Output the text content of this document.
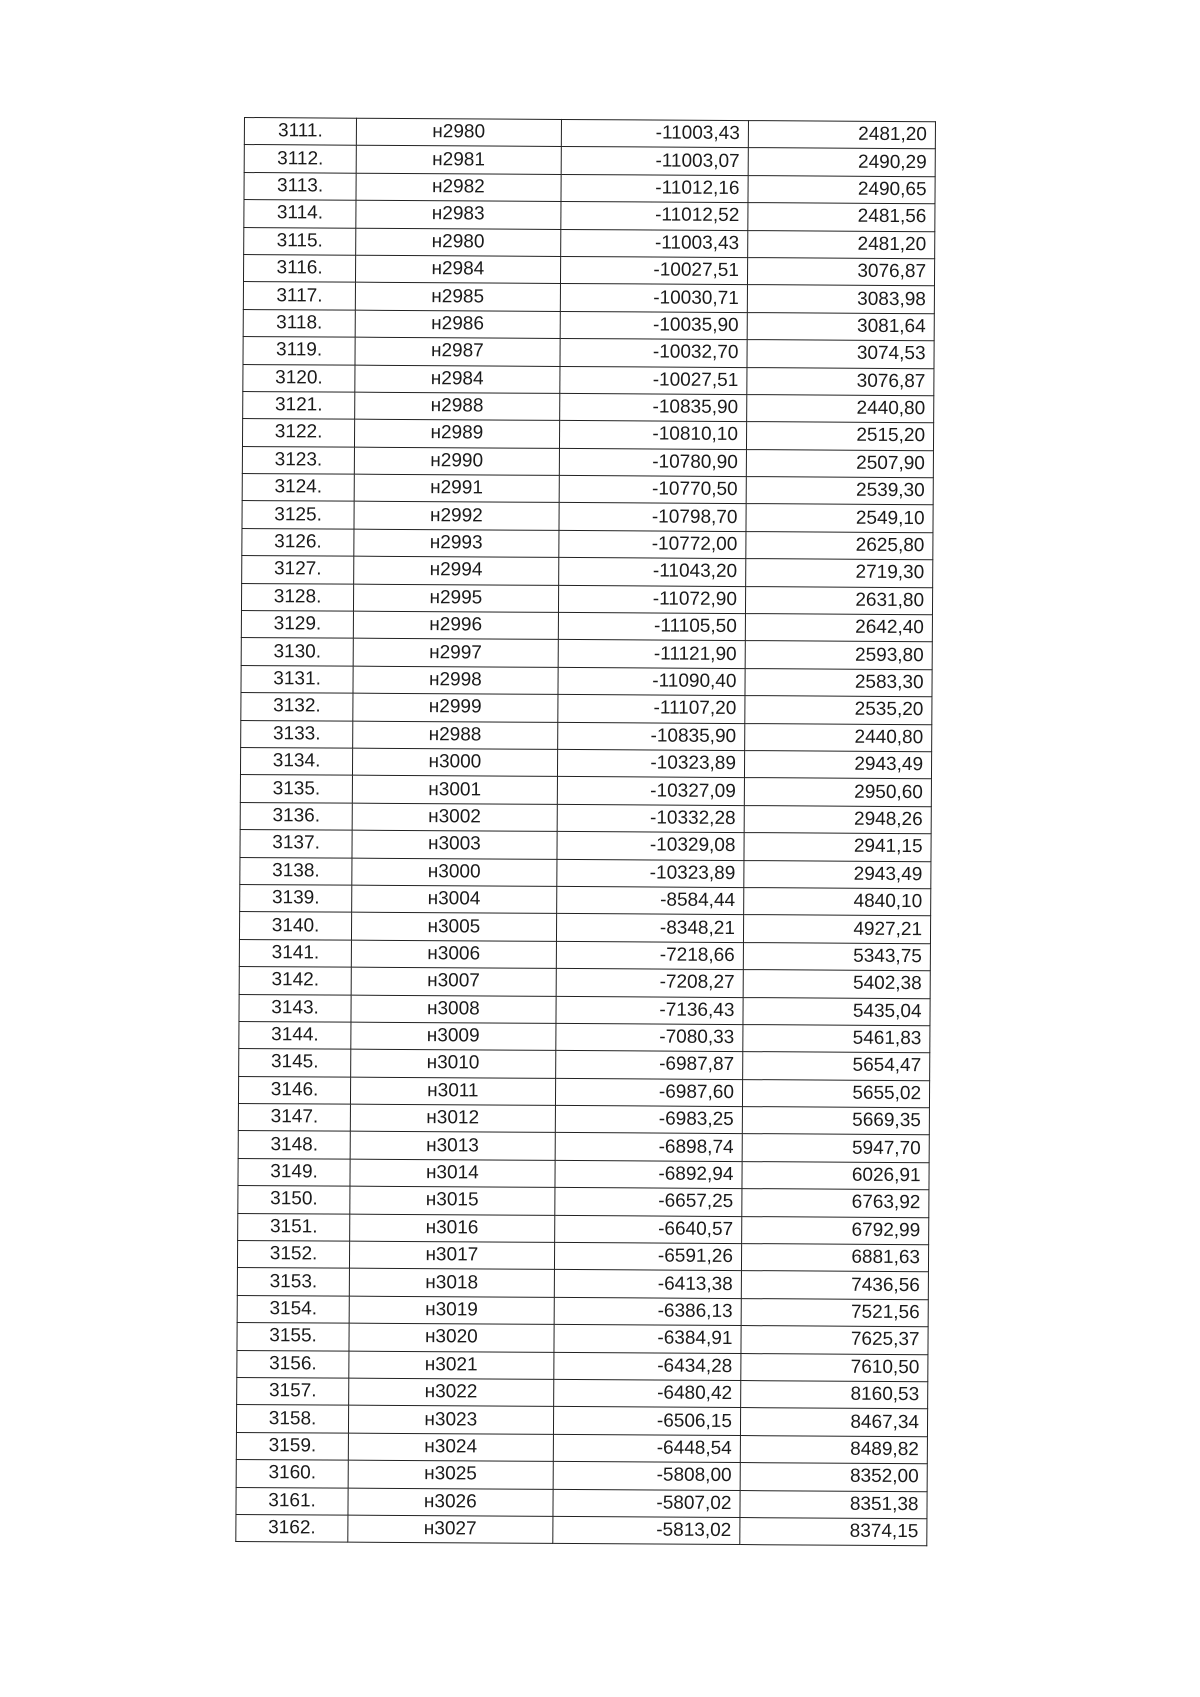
3111.	н2980	-11003,43	2481,20
3112.	н2981	-11003,07	2490,29
3113.	н2982	-11012,16	2490,65
3114.	н2983	-11012,52	2481,56
3115.	н2980	-11003,43	2481,20
3116.	н2984	-10027,51	3076,87
3117.	н2985	-10030,71	3083,98
3118.	н2986	-10035,90	3081,64
3119.	н2987	-10032,70	3074,53
3120.	н2984	-10027,51	3076,87
3121.	н2988	-10835,90	2440,80
3122.	н2989	-10810,10	2515,20
3123.	н2990	-10780,90	2507,90
3124.	н2991	-10770,50	2539,30
3125.	н2992	-10798,70	2549,10
3126.	н2993	-10772,00	2625,80
3127.	н2994	-11043,20	2719,30
3128.	н2995	-11072,90	2631,80
3129.	н2996	-11105,50	2642,40
3130.	н2997	-11121,90	2593,80
3131.	н2998	-11090,40	2583,30
3132.	н2999	-11107,20	2535,20
3133.	н2988	-10835,90	2440,80
3134.	н3000	-10323,89	2943,49
3135.	н3001	-10327,09	2950,60
3136.	н3002	-10332,28	2948,26
3137.	н3003	-10329,08	2941,15
3138.	н3000	-10323,89	2943,49
3139.	н3004	-8584,44	4840,10
3140.	н3005	-8348,21	4927,21
3141.	н3006	-7218,66	5343,75
3142.	н3007	-7208,27	5402,38
3143.	н3008	-7136,43	5435,04
3144.	н3009	-7080,33	5461,83
3145.	н3010	-6987,87	5654,47
3146.	н3011	-6987,60	5655,02
3147.	н3012	-6983,25	5669,35
3148.	н3013	-6898,74	5947,70
3149.	н3014	-6892,94	6026,91
3150.	н3015	-6657,25	6763,92
3151.	н3016	-6640,57	6792,99
3152.	н3017	-6591,26	6881,63
3153.	н3018	-6413,38	7436,56
3154.	н3019	-6386,13	7521,56
3155.	н3020	-6384,91	7625,37
3156.	н3021	-6434,28	7610,50
3157.	н3022	-6480,42	8160,53
3158.	н3023	-6506,15	8467,34
3159.	н3024	-6448,54	8489,82
3160.	н3025	-5808,00	8352,00
3161.	н3026	-5807,02	8351,38
3162.	н3027	-5813,02	8374,15
